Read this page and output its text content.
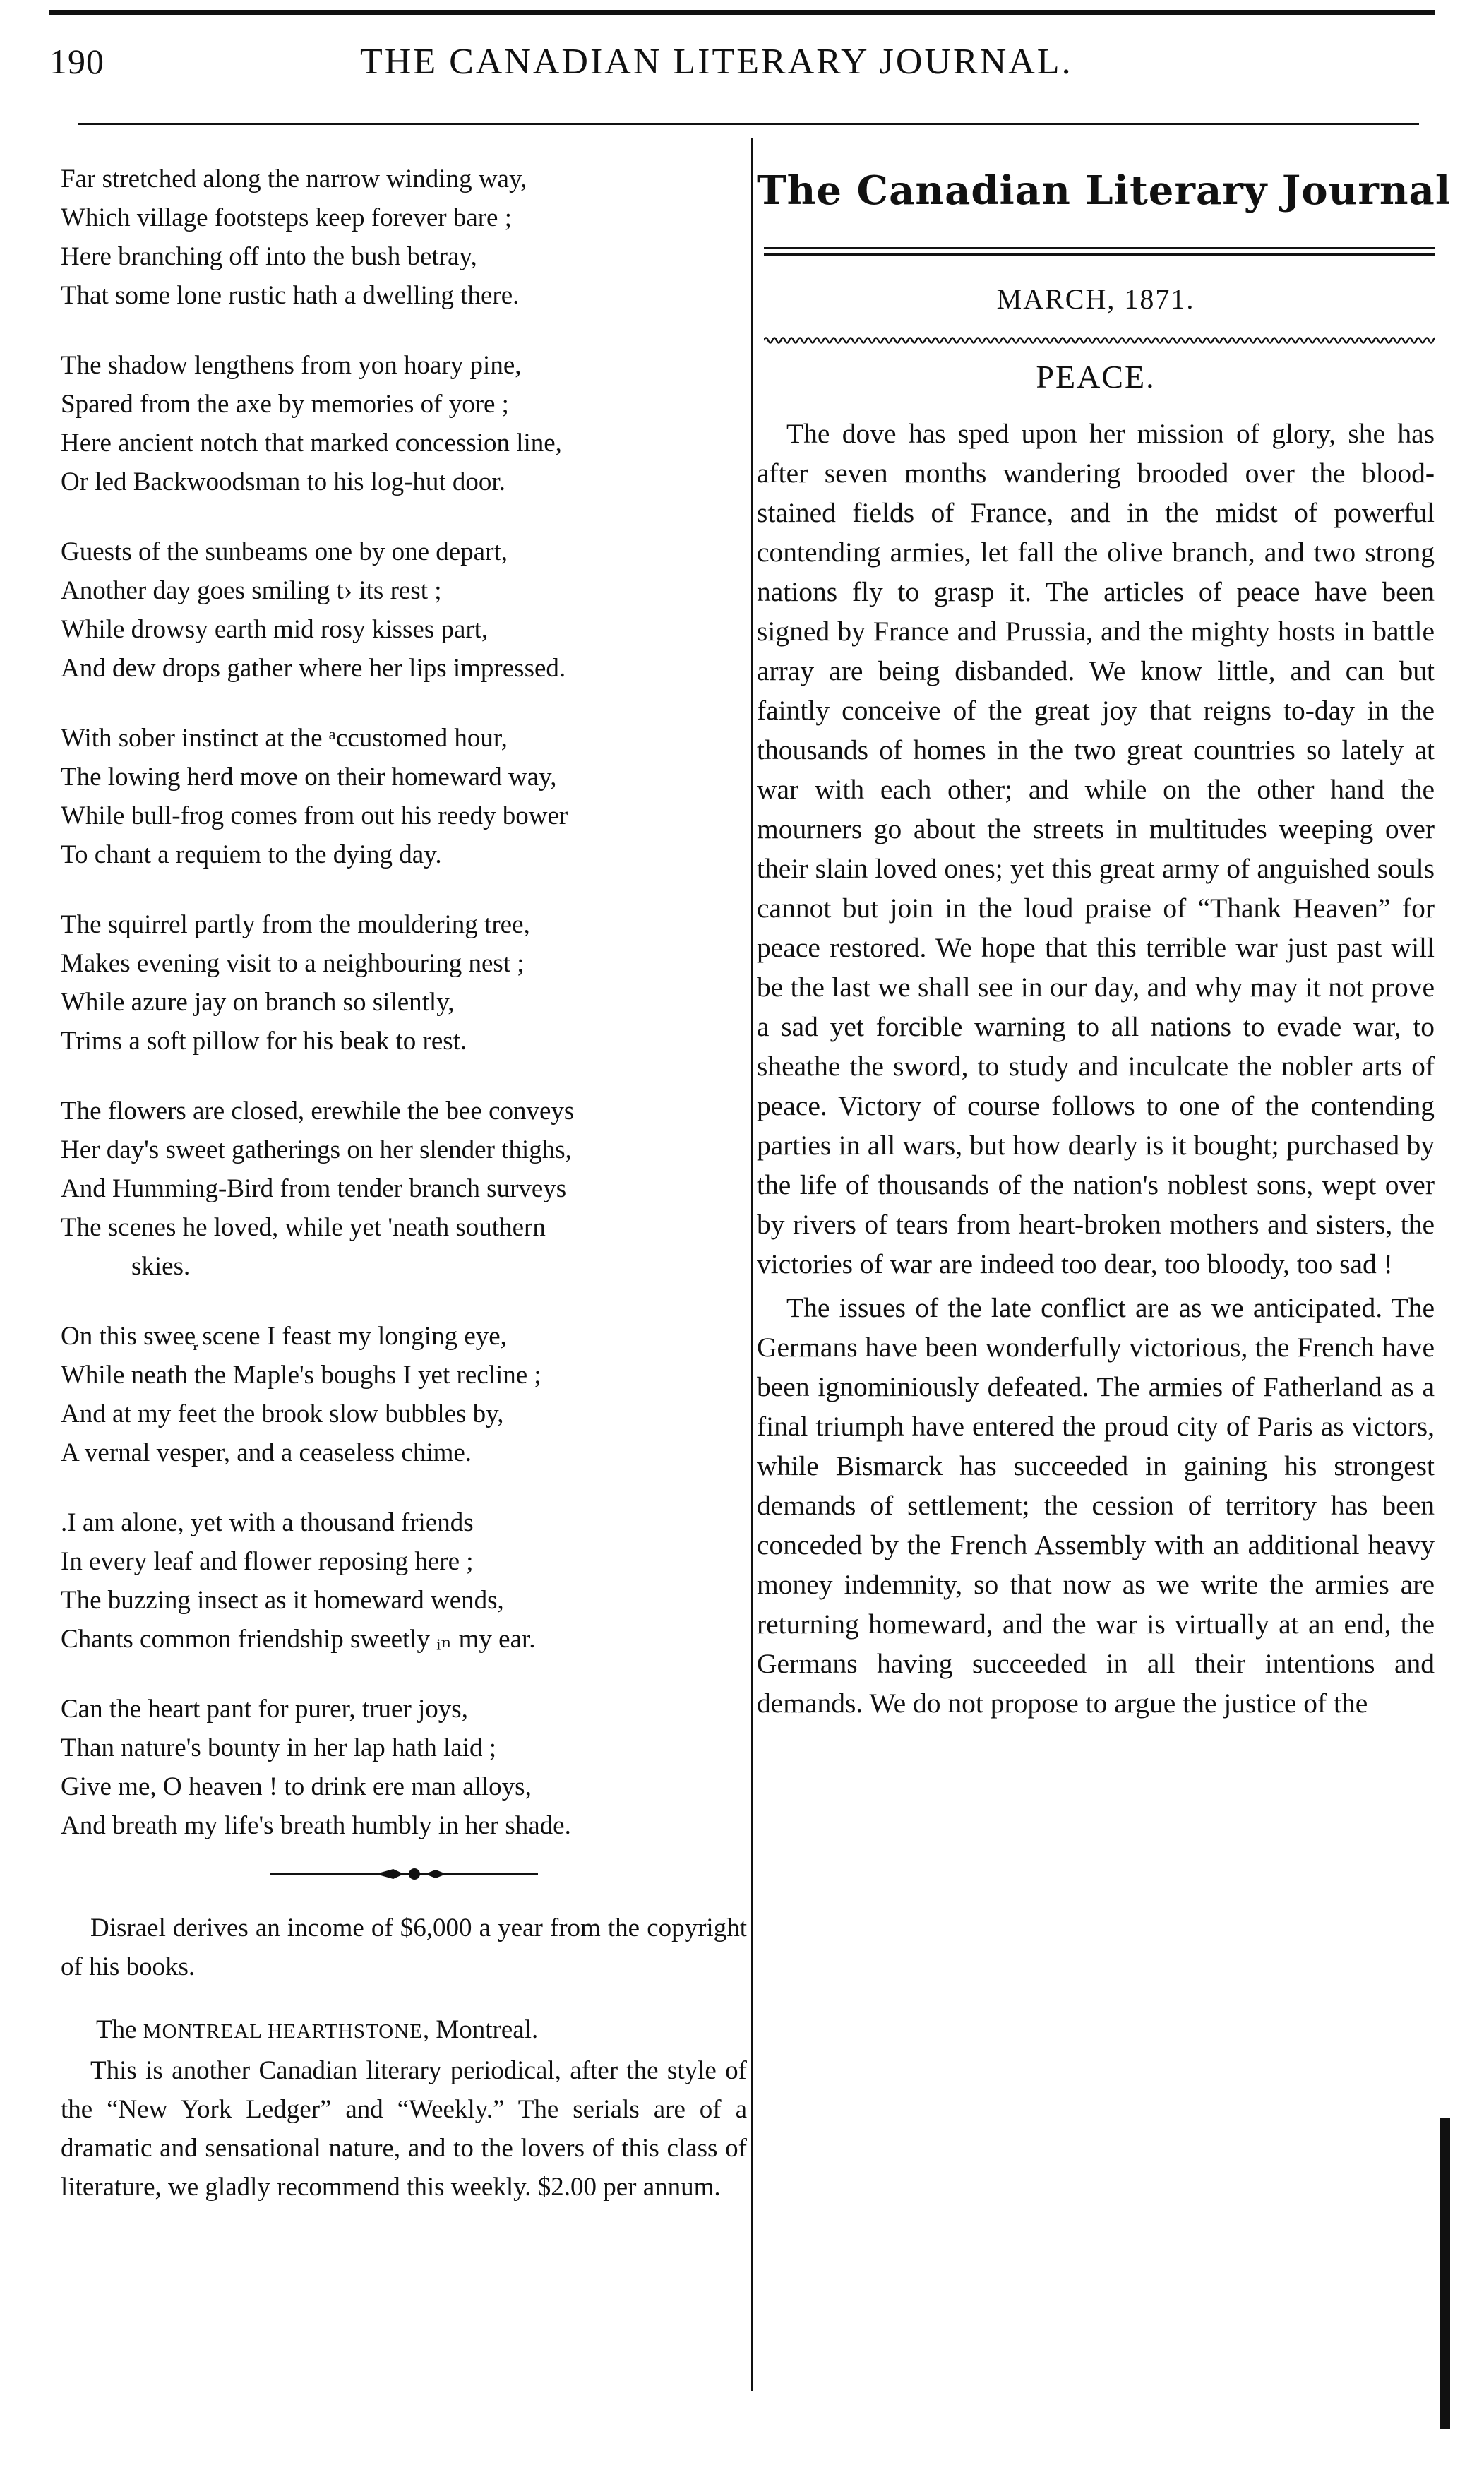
190	THE CANADIAN LITERARY JOURNAL.
Far stretched along the narrow winding way,
Which village footsteps keep forever bare ;
Here branching off into the bush betray,
That some lone rustic hath a dwelling there.
The shadow lengthens from yon hoary pine,
Spared from the axe by memories of yore ;
Here ancient notch that marked concession line,
Or led Backwoodsman to his log-hut door.
Guests of the sunbeams one by one depart,
Another day goes smiling t› its rest ;
While drowsy earth mid rosy kisses part,
And dew drops gather where her lips impressed.
With sober instinct at the ᵃccustomed hour,
The lowing herd move on their homeward way,
While bull-frog comes from out his reedy bower
To chant a requiem to the dying day.
The squirrel partly from the mouldering tree,
Makes evening visit to a neighbouring nest ;
While azure jay on branch so silently,
Trims a soft pillow for his beak to rest.
The flowers are closed, erewhile the bee conveys
Her day's sweet gatherings on her slender thighs,
And Humming-Bird from tender branch surveys
The scenes he loved, while yet 'neath southern
skies.
On this swee᷊ scene I feast my longing eye,
While neath the Maple's boughs I yet recline ;
And at my feet the brook slow bubbles by,
A vernal vesper, and a ceaseless chime.
.I am alone, yet with a thousand friends
In every leaf and flower reposing here ;
The buzzing insect as it homeward wends,
Chants common friendship sweetly ᵢₙ my ear.
Can the heart pant for purer, truer joys,
Than nature's bounty in her lap hath laid ;
Give me, O heaven ! to drink ere man alloys,
And breath my life's breath humbly in her shade.

Disrael derives an income of $6,000 a year from the copyright of his books.

The MONTREAL HEARTHSTONE, Montreal.

This is another Canadian literary periodical, after the style of the “New York Ledger” and “Weekly.” The serials are of a dramatic and sensational nature, and to the lovers of this class of literature, we gladly recommend this weekly. $2.00 per annum.

The Canadian Literary Journal
MARCH, 1871.
PEACE.

The dove has sped upon her mission of glory, she has after seven months wandering brooded over the blood-stained fields of France, and in the midst of powerful contending armies, let fall the olive branch, and two strong nations fly to grasp it. The articles of peace have been signed by France and Prussia, and the mighty hosts in battle array are being disbanded. We know little, and can but faintly conceive of the great joy that reigns to-day in the thousands of homes in the two great countries so lately at war with each other; and while on the other hand the mourners go about the streets in multitudes weeping over their slain loved ones; yet this great army of anguished souls cannot but join in the loud praise of “Thank Heaven” for peace restored. We hope that this terrible war just past will be the last we shall see in our day, and why may it not prove a sad yet forcible warning to all nations to evade war, to sheathe the sword, to study and inculcate the nobler arts of peace. Victory of course follows to one of the contending parties in all wars, but how dearly is it bought; purchased by the life of thousands of the nation's noblest sons, wept over by rivers of tears from heart-broken mothers and sisters, the victories of war are indeed too dear, too bloody, too sad !

The issues of the late conflict are as we anticipated. The Germans have been wonderfully victorious, the French have been ignominiously defeated. The armies of Fatherland as a final triumph have entered the proud city of Paris as victors, while Bismarck has succeeded in gaining his strongest demands of settlement; the cession of territory has been conceded by the French Assembly with an additional heavy money indemnity, so that now as we write the armies are returning homeward, and the war is virtually at an end, the Germans having succeeded in all their intentions and demands. We do not propose to argue the justice of the
